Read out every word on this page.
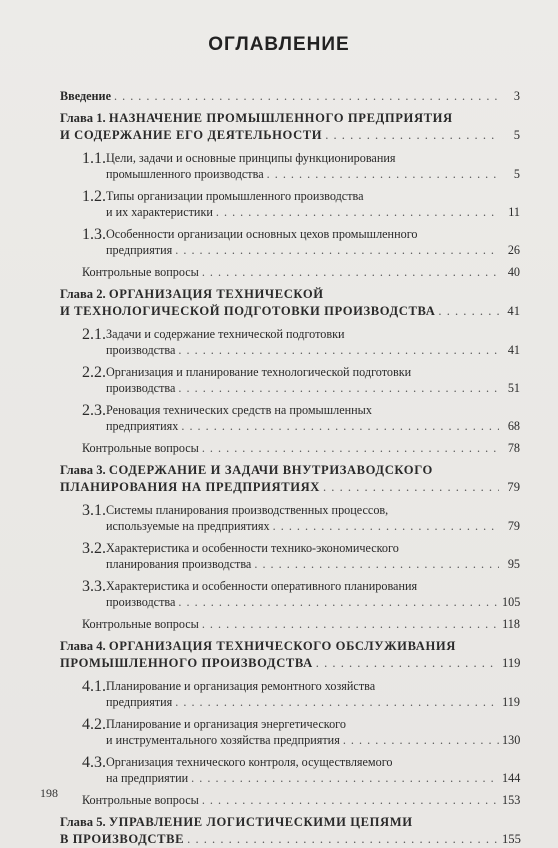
ОГЛАВЛЕНИЕ
Введение . . .	3
Глава 1. НАЗНАЧЕНИЕ ПРОМЫШЛЕННОГО ПРЕДПРИЯТИЯ
И СОДЕРЖАНИЕ ЕГО ДЕЯТЕЛЬНОСТИ . . .	5
1.1. Цели, задачи и основные принципы функционирования
промышленного производства . . .	5
1.2. Типы организации промышленного производства
и их характеристики . . .	11
1.3. Особенности организации основных цехов промышленного
предприятия . . .	26
Контрольные вопросы . . .	40
Глава 2. ОРГАНИЗАЦИЯ ТЕХНИЧЕСКОЙ
И ТЕХНОЛОГИЧЕСКОЙ ПОДГОТОВКИ ПРОИЗВОДСТВА . . .	41
2.1. Задачи и содержание технической подготовки
производства . . .	41
2.2. Организация и планирование технологической подготовки
производства . . .	51
2.3. Реновация технических средств на промышленных
предприятиях . . .	68
Контрольные вопросы . . .	78
Глава 3. СОДЕРЖАНИЕ И ЗАДАЧИ ВНУТРИЗАВОДСКОГО
ПЛАНИРОВАНИЯ НА ПРЕДПРИЯТИЯХ . . .	79
3.1. Системы планирования производственных процессов,
используемые на предприятиях . . .	79
3.2. Характеристика и особенности технико-экономического
планирования производства . . .	95
3.3. Характеристика и особенности оперативного планирования
производства . . .	105
Контрольные вопросы . . .	118
Глава 4. ОРГАНИЗАЦИЯ ТЕХНИЧЕСКОГО ОБСЛУЖИВАНИЯ
ПРОМЫШЛЕННОГО ПРОИЗВОДСТВА . . .	119
4.1. Планирование и организация ремонтного хозяйства
предприятия . . .	119
4.2. Планирование и организация энергетического
и инструментального хозяйства предприятия . . .	130
4.3. Организация технического контроля, осуществляемого
на предприятии . . .	144
Контрольные вопросы . . .	153
Глава 5. УПРАВЛЕНИЕ ЛОГИСТИЧЕСКИМИ ЦЕПЯМИ
В ПРОИЗВОДСТВЕ . . .	155
198
